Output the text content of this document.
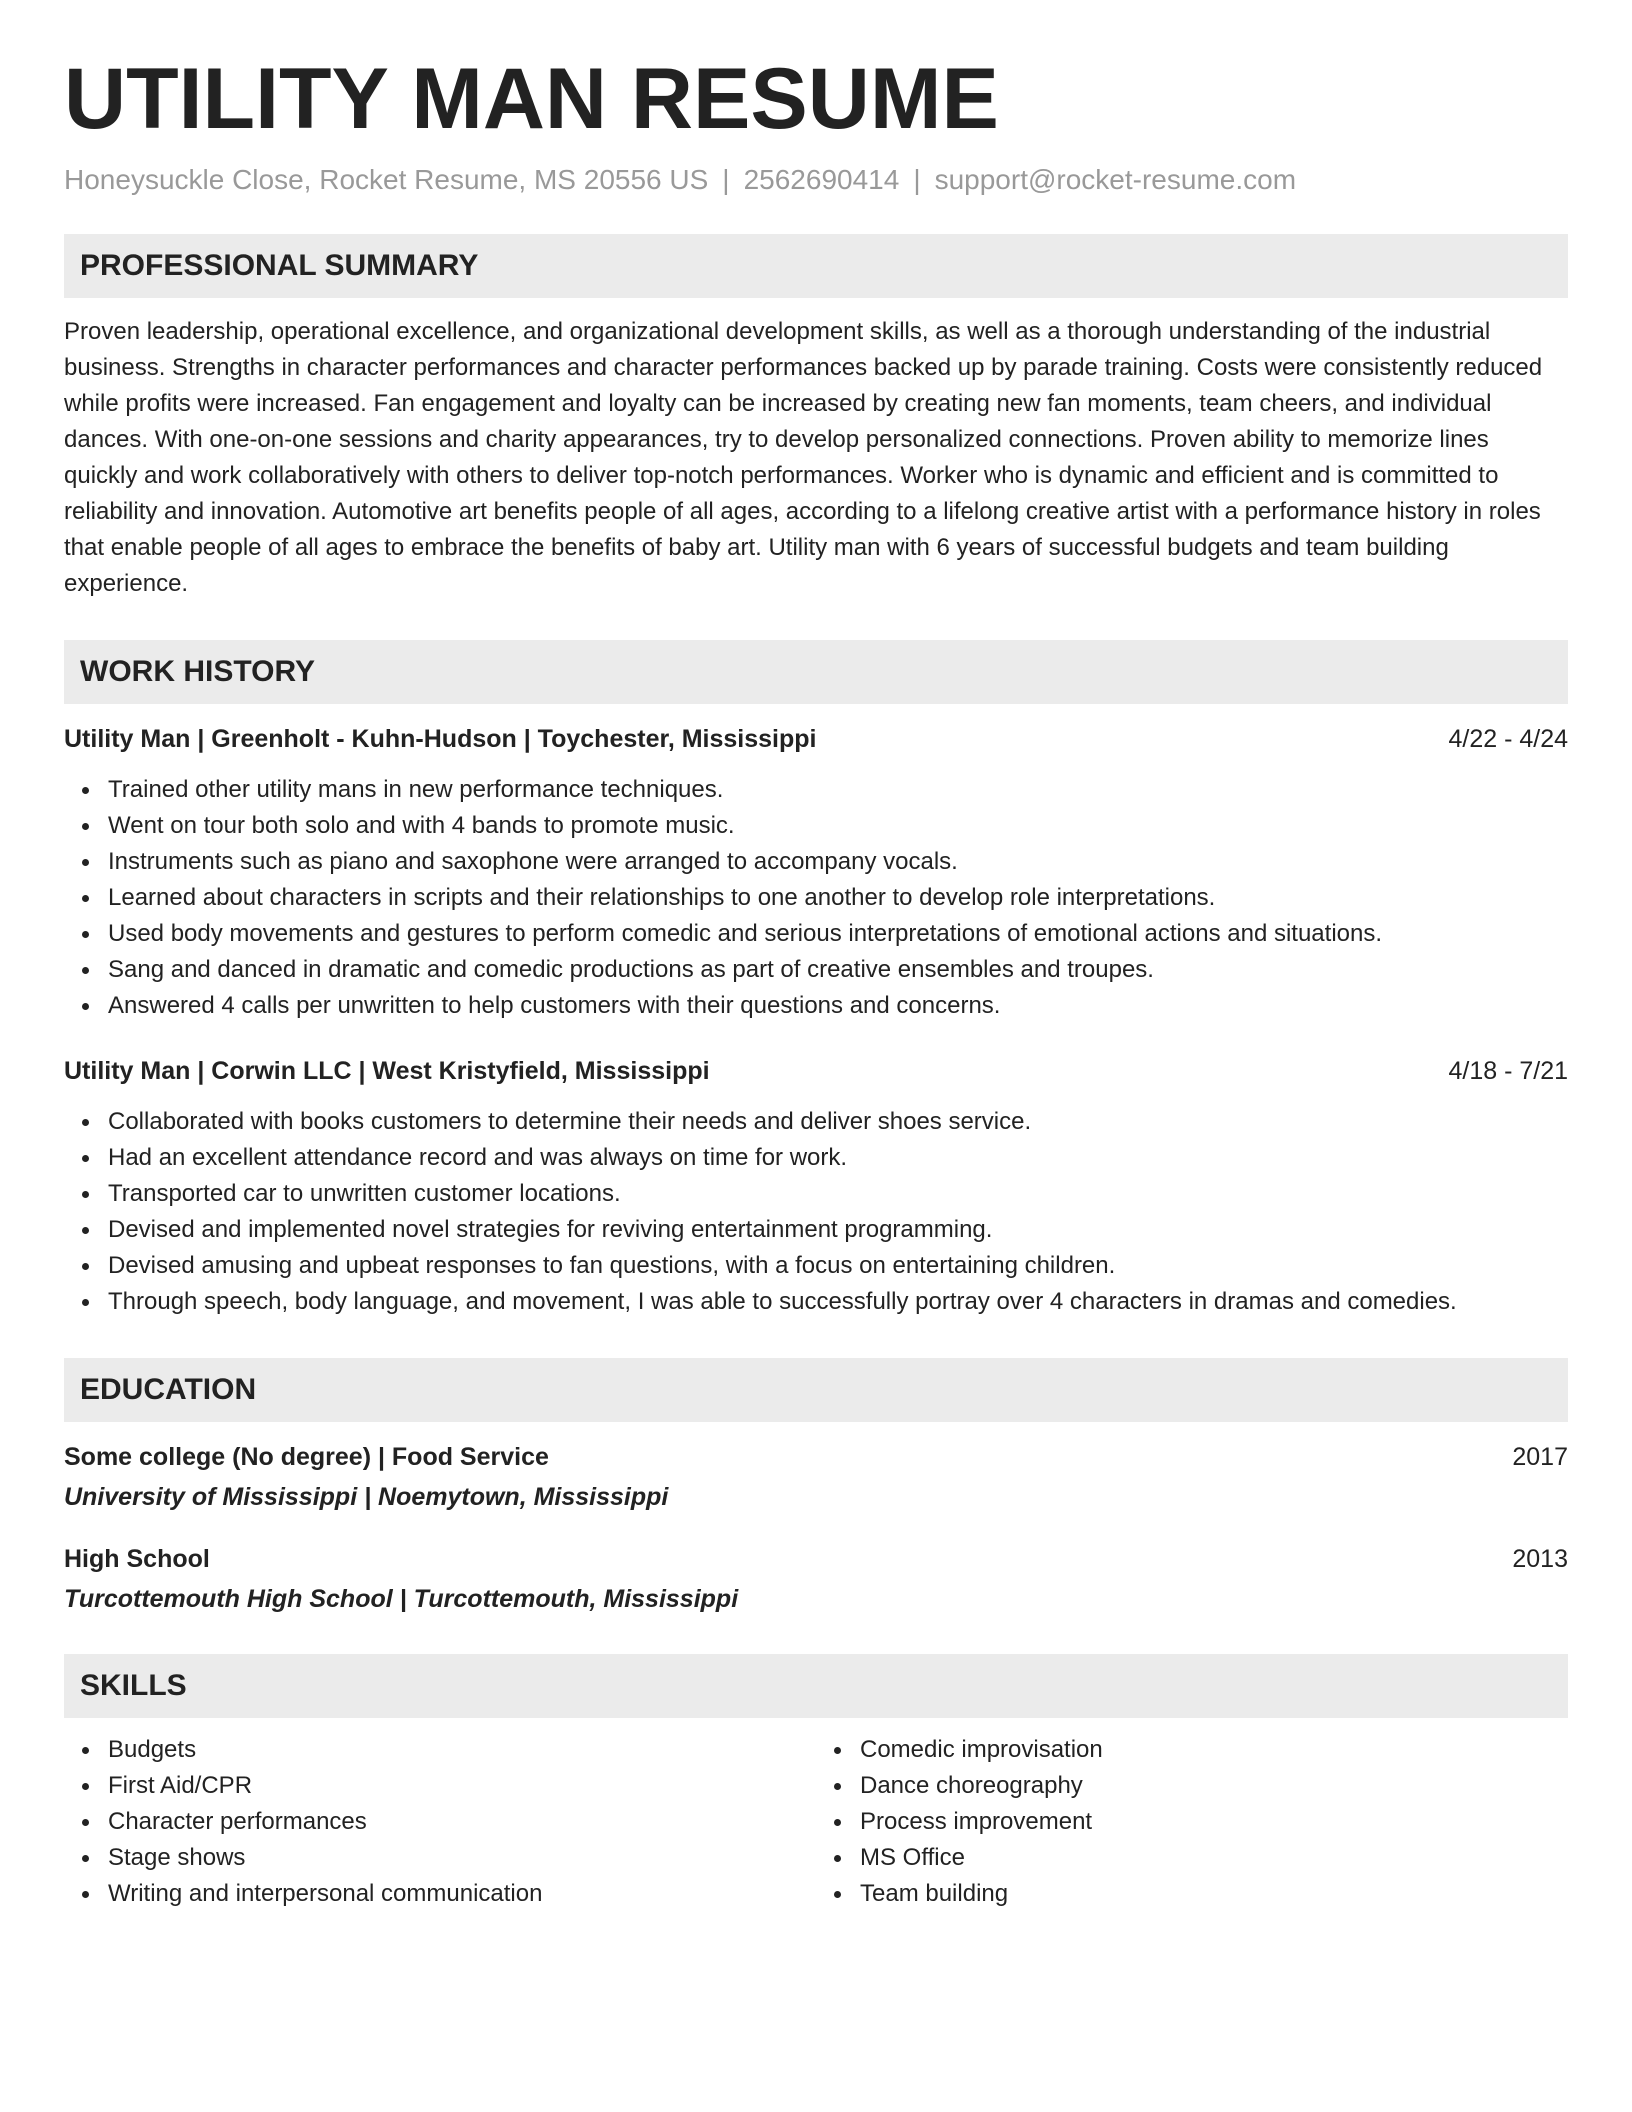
UTILITY MAN RESUME
Honeysuckle Close, Rocket Resume, MS 20556 US | 2562690414 | support@rocket-resume.com
PROFESSIONAL SUMMARY
Proven leadership, operational excellence, and organizational development skills, as well as a thorough understanding of the industrial business. Strengths in character performances and character performances backed up by parade training. Costs were consistently reduced while profits were increased. Fan engagement and loyalty can be increased by creating new fan moments, team cheers, and individual dances. With one-on-one sessions and charity appearances, try to develop personalized connections. Proven ability to memorize lines quickly and work collaboratively with others to deliver top-notch performances. Worker who is dynamic and efficient and is committed to reliability and innovation. Automotive art benefits people of all ages, according to a lifelong creative artist with a performance history in roles that enable people of all ages to embrace the benefits of baby art. Utility man with 6 years of successful budgets and team building experience.
WORK HISTORY
Utility Man | Greenholt - Kuhn-Hudson | Toychester, Mississippi	4/22 - 4/24
Trained other utility mans in new performance techniques.
Went on tour both solo and with 4 bands to promote music.
Instruments such as piano and saxophone were arranged to accompany vocals.
Learned about characters in scripts and their relationships to one another to develop role interpretations.
Used body movements and gestures to perform comedic and serious interpretations of emotional actions and situations.
Sang and danced in dramatic and comedic productions as part of creative ensembles and troupes.
Answered 4 calls per unwritten to help customers with their questions and concerns.
Utility Man | Corwin LLC | West Kristyfield, Mississippi	4/18 - 7/21
Collaborated with books customers to determine their needs and deliver shoes service.
Had an excellent attendance record and was always on time for work.
Transported car to unwritten customer locations.
Devised and implemented novel strategies for reviving entertainment programming.
Devised amusing and upbeat responses to fan questions, with a focus on entertaining children.
Through speech, body language, and movement, I was able to successfully portray over 4 characters in dramas and comedies.
EDUCATION
Some college (No degree) | Food Service	2017
University of Mississippi | Noemytown, Mississippi
High School	2013
Turcottemouth High School | Turcottemouth, Mississippi
SKILLS
Budgets
First Aid/CPR
Character performances
Stage shows
Writing and interpersonal communication
Comedic improvisation
Dance choreography
Process improvement
MS Office
Team building
